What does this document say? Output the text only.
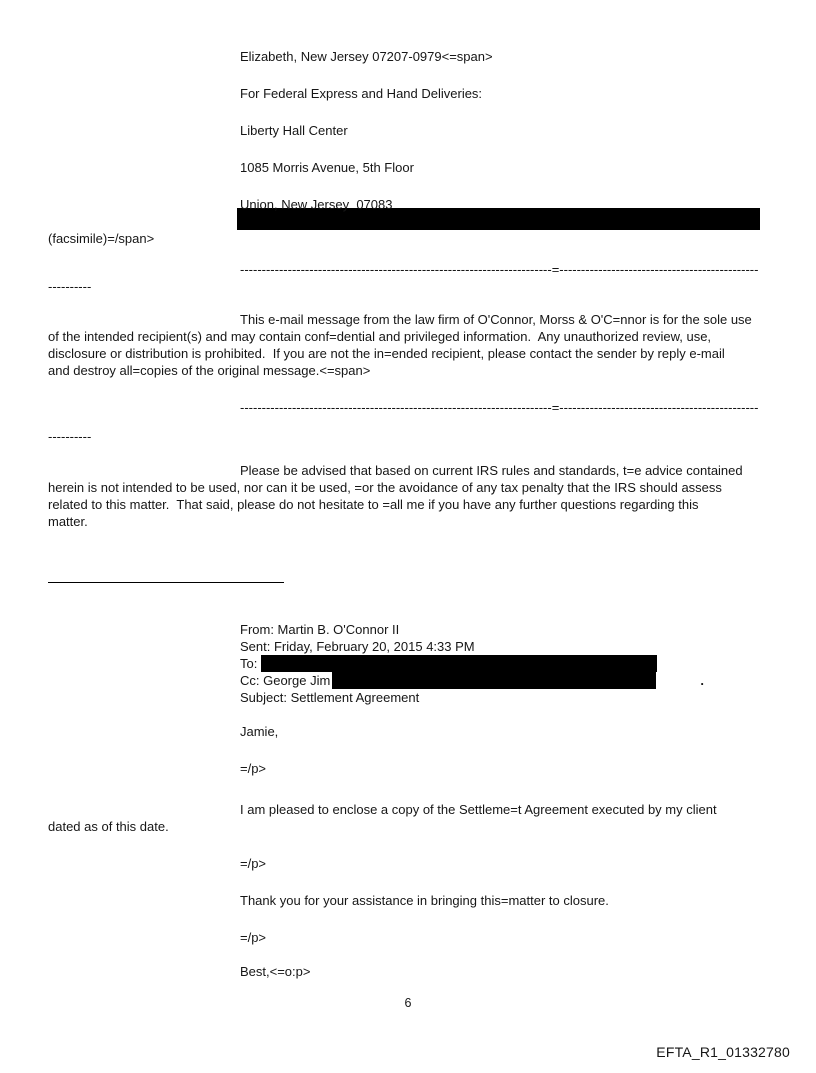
Elizabeth, New Jersey 07207-0979<=span>
For Federal Express and Hand Deliveries:
Liberty Hall Center
1085 Morris Avenue, 5th Floor
Union, New Jersey  07083
(facsimile)=/span>
------------------------------------------------------------------------=----------------------------------------------
----------
This e-mail message from the law firm of O'Connor, Morss & O'C=nnor is for the sole use
of the intended recipient(s) and may contain conf=dential and privileged information.  Any unauthorized review, use,
disclosure or distribution is prohibited.  If you are not the in=ended recipient, please contact the sender by reply e-mail
and destroy all=copies of the original message.<=span>
------------------------------------------------------------------------=----------------------------------------------
----------
Please be advised that based on current IRS rules and standards, t=e advice contained
herein is not intended to be used, nor can it be used, =or the avoidance of any tax penalty that the IRS should assess
related to this matter.  That said, please do not hesitate to =all me if you have any further questions regarding this
matter.
From: Martin B. O'Connor II
Sent: Friday, February 20, 2015 4:33 PM
To:
Cc: George Jim	.
Subject: Settlement Agreement
Jamie,
=/p>
I am pleased to enclose a copy of the Settleme=t Agreement executed by my client
dated as of this date.
=/p>
Thank you for your assistance in bringing this=matter to closure.
=/p>
Best,<=o:p>
6
EFTA_R1_01332780
